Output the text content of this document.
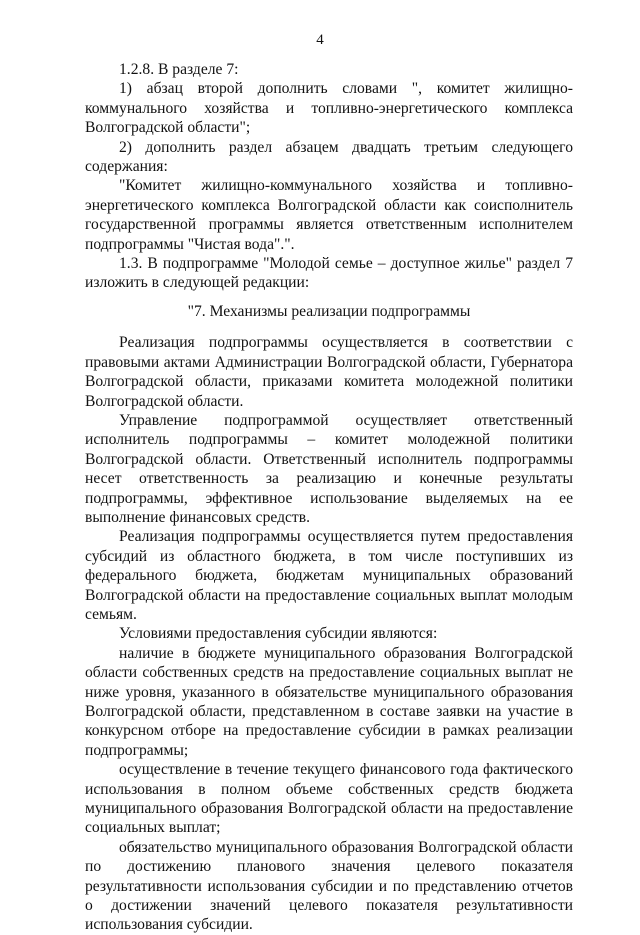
4

1.2.8. В разделе 7:

1) абзац второй дополнить словами ", комитет жилищно-коммунального хозяйства и топливно-энергетического комплекса Волгоградской области";

2) дополнить раздел абзацем двадцать третьим следующего содержания:

"Комитет жилищно-коммунального хозяйства и топливно-энергетического комплекса Волгоградской области как соисполнитель государственной программы является ответственным исполнителем подпрограммы "Чистая вода".".

1.3. В подпрограмме "Молодой семье – доступное жилье" раздел 7 изложить в следующей редакции:

"7. Механизмы реализации подпрограммы

Реализация подпрограммы осуществляется в соответствии с правовыми актами Администрации Волгоградской области, Губернатора Волгоградской области, приказами комитета молодежной политики Волгоградской области.

Управление подпрограммой осуществляет ответственный исполнитель подпрограммы – комитет молодежной политики Волгоградской области. Ответственный исполнитель подпрограммы несет ответственность за реализацию и конечные результаты подпрограммы, эффективное использование выделяемых на ее выполнение финансовых средств.

Реализация подпрограммы осуществляется путем предоставления субсидий из областного бюджета, в том числе поступивших из федерального бюджета, бюджетам муниципальных образований Волгоградской области на предоставление социальных выплат молодым семьям.

Условиями предоставления субсидии являются:

наличие в бюджете муниципального образования Волгоградской области собственных средств на предоставление социальных выплат не ниже уровня, указанного в обязательстве муниципального образования Волгоградской области, представленном в составе заявки на участие в конкурсном отборе на предоставление субсидии в рамках реализации подпрограммы;

осуществление в течение текущего финансового года фактического использования в полном объеме собственных средств бюджета муниципального образования Волгоградской области на предоставление социальных выплат;

обязательство муниципального образования Волгоградской области по достижению планового значения целевого показателя результативности использования субсидии и по представлению отчетов о достижении значений целевого показателя результативности использования субсидии.
